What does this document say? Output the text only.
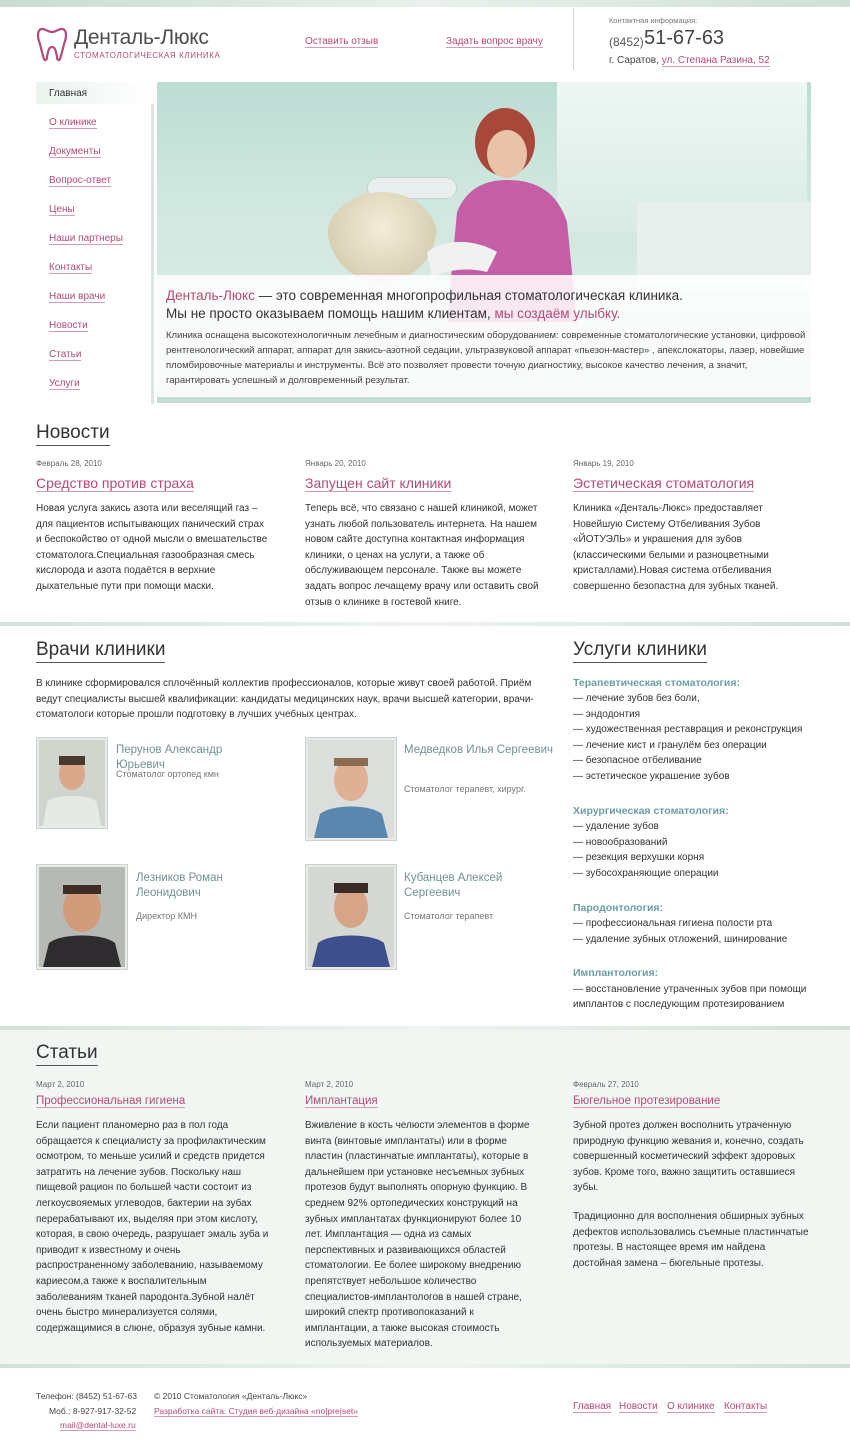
Денталь-Люкс
СТОМАТОЛОГИЧЕСКАЯ КЛИНИКА
Оставить отзыв	Задать вопрос врачу
Контактная информация:
(8452) 51-67-63
г. Саратов, ул. Степана Разина, 52
Главная
О клинике
Документы
Вопрос-ответ
Цены
Наши партнеры
Контакты
Наши врачи
Новости
Статьи
Услуги
Денталь-Люкс — это современная многопрофильная стоматологическая клиника.
Мы не просто оказываем помощь нашим клиентам, мы создаём улыбку.
Клиника оснащена высокотехнологичным лечебным и диагностическим оборудованием: современные стоматологические установки, цифровой рентгенологический аппарат, аппарат для закись-азотной седации, ультразвуковой аппарат «пьезон-мастер» , апекслокаторы, лазер, новейшие пломбировочные материалы и инструменты. Всё это позволяет провести точную диагностику, высокое качество лечения, а значит, гарантировать успешный и долговременный результат.
Новости
Февраль 28, 2010
Средство против страха
Новая услуга закись азота или веселящий газ – для пациентов испытывающих панический страх и беспокойство от одной мысли о вмешательстве стоматолога.Специальная газообразная смесь кислорода и азота подаётся в верхние дыхательные пути при помощи маски.
Январь 20, 2010
Запущен сайт клиники
Теперь всё, что связано с нашей клиникой, может узнать любой пользователь интернета. На нашем новом сайте доступна контактная информация клиники, о ценах на услуги, а также об обслуживающем персонале. Также вы можете задать вопрос лечащему врачу или оставить свой отзыв о клинике в гостевой книге.
Январь 19, 2010
Эстетическая стоматология
Клиника «Денталь-Люкс» предоставляет Новейшую Систему Отбеливания Зубов «ЙОТУЭЛЬ» и украшения для зубов (классическими белыми и разноцветными кристаллами).Новая система отбеливания совершенно безопастна для зубных тканей.
Врачи клиники
В клинике сформировался сплочённый коллектив профессионалов, которые живут своей работой. Приём ведут специалисты высшей квалификации: кандидаты медицинских наук, врачи высшей категории, врачи-стоматологи которые прошли подготовку в лучших учебных центрах.
Перунов Александр Юрьевич
Стоматолог ортопед кмн
Медведков Илья Сергеевич
Стоматолог терапевт, хирург.
Лезников Роман Леонидович
Директор КМН
Кубанцев Алексей Сергеевич
Стоматолог терапевт
Услуги клиники
Терапевтическая стоматология:
— лечение зубов без боли,
— эндодонтия
— художественная реставрация и реконструкция
— лечение кист и гранулём без операции
— безопасное отбеливание
— эстетическое украшение зубов
Хирургическая стоматология:
— удаление зубов
— новообразований
— резекция верхушки корня
— зубосохраняющие операции
Пародонтология:
— профессиональная гигиена полости рта
— удаление зубных отложений, шинирование
Имплантология:
— восстановление утраченных зубов при помощи
имплантов с последующим протезированием
Статьи
Март 2, 2010
Профессиональная гигиена
Если пациент планомерно раз в пол года обращается к специалисту за профилактическим осмотром, то меньше усилий и средств придется затратить на лечение зубов. Поскольку наш пищевой рацион по большей части состоит из легкоусвояемых углеводов, бактерии на зубах перерабатывают их, выделяя при этом кислоту, которая, в свою очередь, разрушает эмаль зуба и приводит к известному и очень распространенному заболеванию, называемому кариесом,а также к воспалительным заболеваниям тканей пародонта.Зубной налёт очень быстро минерализуется солями, содержащимися в слюне, образуя зубные камни.
Март 2, 2010
Имплантация
Вживление в кость челюсти элементов в форме винта (винтовые имплантаты) или в форме пластин (пластинчатые имплантаты), которые в дальнейшем при установке несъемных зубных протезов будут выполнять опорную функцию. В среднем 92% ортопедических конструкций на зубных имплантатах функционируют более 10 лет. Имплантация — одна из самых перспективных и развивающихся областей стоматологии. Ее более широкому внедрению препятствует небольшое количество специалистов-имплантологов в нашей стране, широкий спектр противопоказаний к имплантации, а также высокая стоимость используемых материалов.
Февраль 27, 2010
Бюгельное протезирование
Зубной протез должен восполнить утраченную природную функцию жевания и, конечно, создать совершенный косметический эффект здоровых зубов. Кроме того, важно защитить оставшиеся зубы.
Традиционно для восполнения обширных зубных дефектов использовались съемные пластинчатые протезы. В настоящее время им найдена достойная замена – бюгельные протезы.
Телефон: (8452) 51-67-63
Моб.: 8-927-917-32-52
mail@dental-luxe.ru
© 2010 Стоматология «Денталь-Люкс»
Разработка сайта: Студия веб-дизайна «no|pre|set»	Главная Новости О клинике Контакты
